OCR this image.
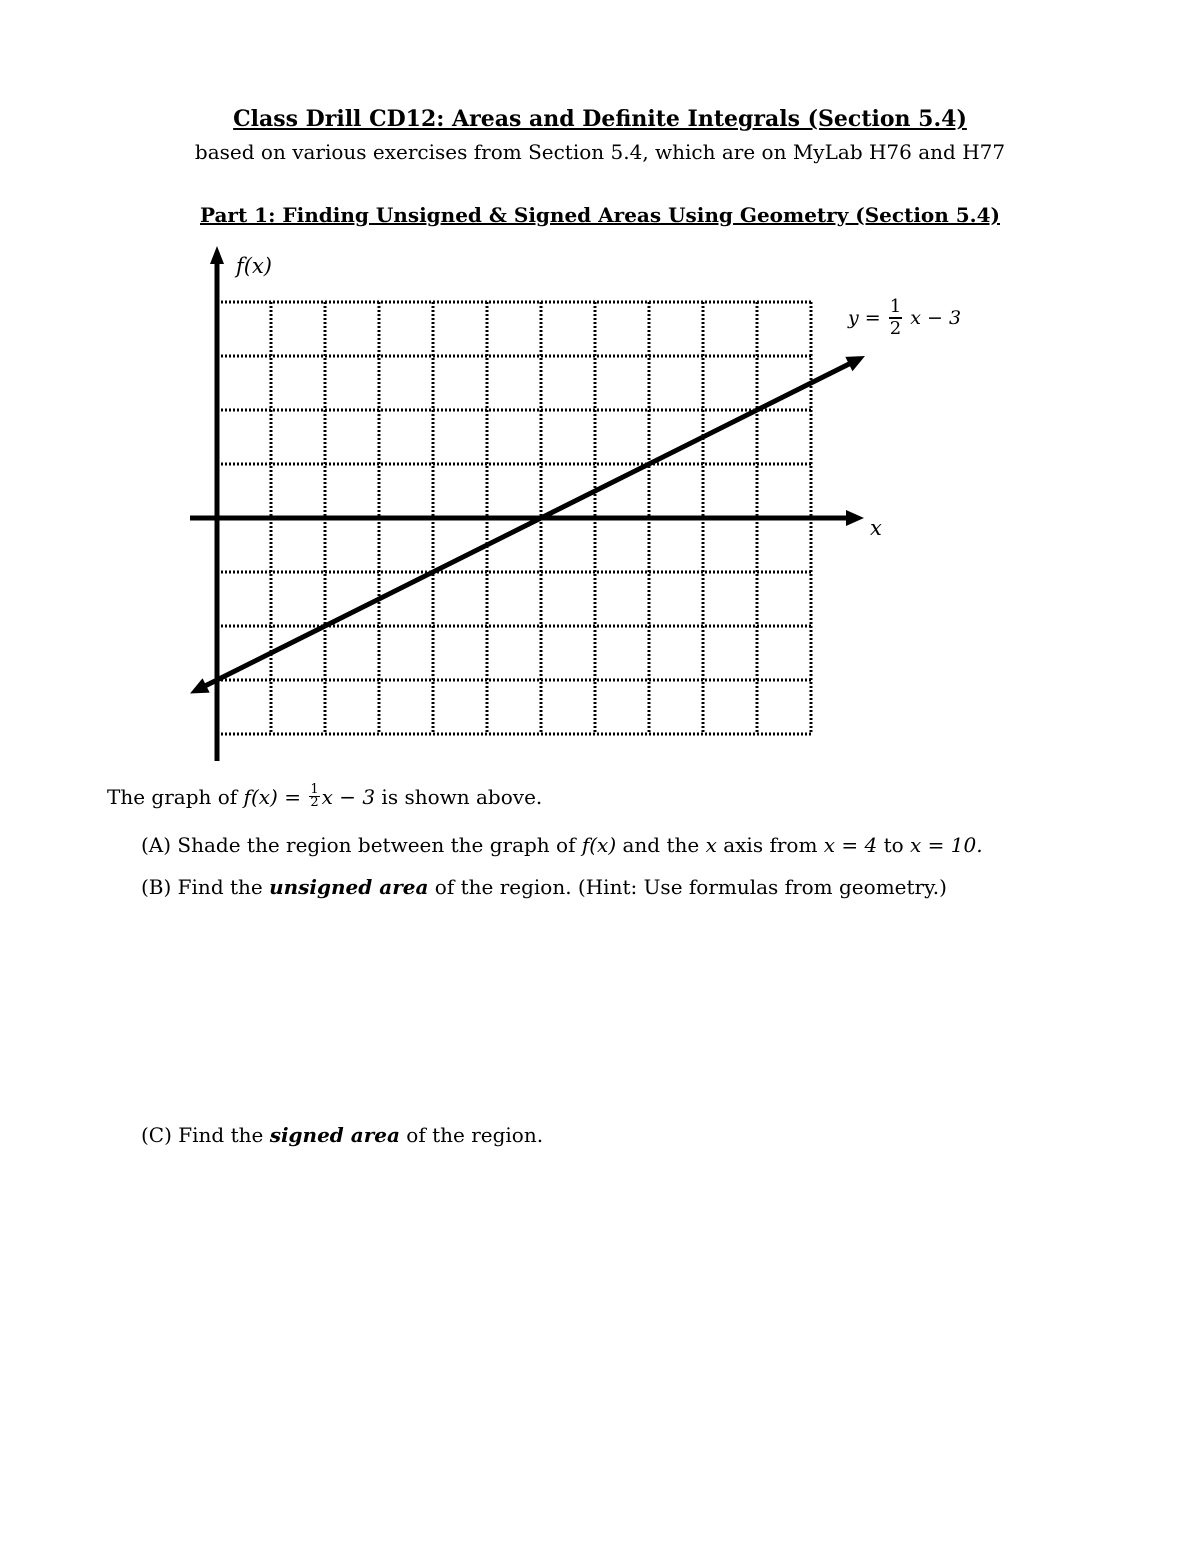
Class Drill CD12: Areas and Definite Integrals (Section 5.4)
based on various exercises from Section 5.4, which are on MyLab H76 and H77
Part 1: Finding Unsigned & Signed Areas Using Geometry (Section 5.4)
f(x)
x
$y = \frac{1}{2}$ x − 3
The graph of $f(x) = \frac{1}{2}$ x − 3 is shown above.
(A) Shade the region between the graph of f(x) and the x axis from x = 4 to x = 10.
(B) Find the unsigned area of the region. (Hint: Use formulas from geometry.)
(C) Find the signed area of the region.
